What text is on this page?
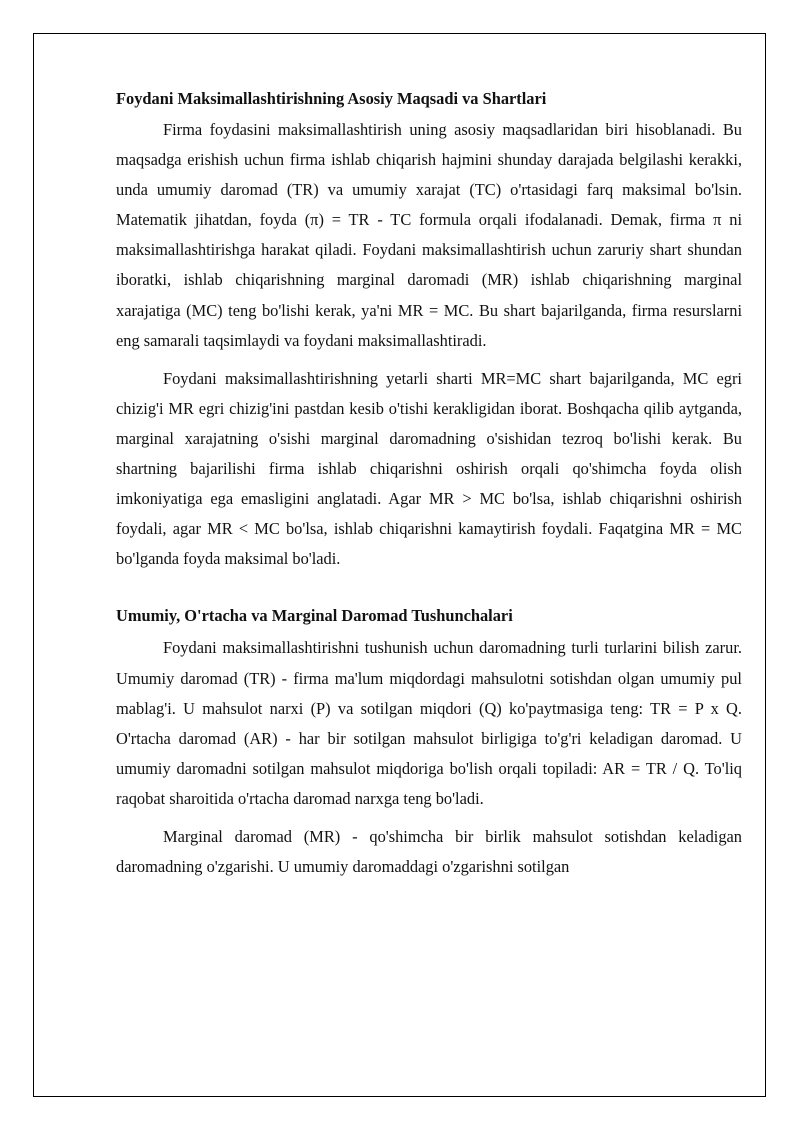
Foydani Maksimallashtirishning Asosiy Maqsadi va Shartlari

Firma foydasini maksimallashtirish uning asosiy maqsadlaridan biri hisoblanadi. Bu maqsadga erishish uchun firma ishlab chiqarish hajmini shunday darajada belgilashi kerakki, unda umumiy daromad (TR) va umumiy xarajat (TC) o'rtasidagi farq maksimal bo'lsin. Matematik jihatdan, foyda (π) = TR - TC formula orqali ifodalanadi. Demak, firma π ni maksimallashtirishga harakat qiladi. Foydani maksimallashtirish uchun zaruriy shart shundan iboratki, ishlab chiqarishning marginal daromadi (MR) ishlab chiqarishning marginal xarajatiga (MC) teng bo'lishi kerak, ya'ni MR = MC. Bu shart bajarilganda, firma resurslarni eng samarali taqsimlaydi va foydani maksimallashtiradi.

Foydani maksimallashtirishning yetarli sharti MR=MC shart bajarilganda, MC egri chizig'i MR egri chizig'ini pastdan kesib o'tishi kerakligidan iborat. Boshqacha qilib aytganda, marginal xarajatning o'sishi marginal daromadning o'sishidan tezroq bo'lishi kerak. Bu shartning bajarilishi firma ishlab chiqarishni oshirish orqali qo'shimcha foyda olish imkoniyatiga ega emasligini anglatadi. Agar MR > MC bo'lsa, ishlab chiqarishni oshirish foydali, agar MR < MC bo'lsa, ishlab chiqarishni kamaytirish foydali. Faqatgina MR = MC bo'lganda foyda maksimal bo'ladi.

Umumiy, O'rtacha va Marginal Daromad Tushunchalari

Foydani maksimallashtirishni tushunish uchun daromadning turli turlarini bilish zarur. Umumiy daromad (TR) - firma ma'lum miqdordagi mahsulotni sotishdan olgan umumiy pul mablag'i. U mahsulot narxi (P) va sotilgan miqdori (Q) ko'paytmasiga teng: TR = P x Q. O'rtacha daromad (AR) - har bir sotilgan mahsulot birligiga to'g'ri keladigan daromad. U umumiy daromadni sotilgan mahsulot miqdoriga bo'lish orqali topiladi: AR = TR / Q. To'liq raqobat sharoitida o'rtacha daromad narxga teng bo'ladi.

Marginal daromad (MR) - qo'shimcha bir birlik mahsulot sotishdan keladigan daromadning o'zgarishi. U umumiy daromaddagi o'zgarishni sotilgan
